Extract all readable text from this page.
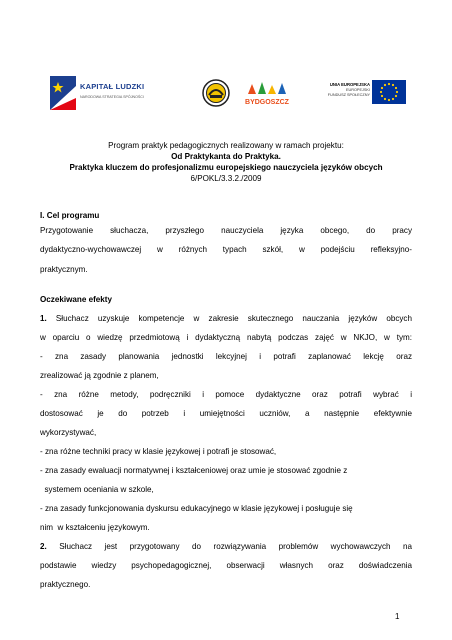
KAPITAŁ LUDZKI
NARODOWA STRATEGIA SPÓJNOŚCI
BYDGOSZCZ
UNIA EUROPEJSKA
EUROPEJSKI
FUNDUSZ SPOŁECZNY
Program praktyk pedagogicznych realizowany w ramach projektu:
Od Praktykanta do Praktyka.
Praktyka kluczem do profesjonalizmu europejskiego nauczyciela języków obcych
6/POKL/3.3.2./2009
I. Cel programu
Przygotowanie słuchacza, przyszłego nauczyciela języka obcego, do pracy
dydaktyczno-wychowawczej w różnych typach szkół, w podejściu refleksyjno-
praktycznym.
Oczekiwane efekty
1. Słuchacz uzyskuje kompetencje w zakresie skutecznego nauczania języków obcych
w oparciu o wiedzę przedmiotową i dydaktyczną nabytą podczas zajęć w NKJO, w tym:
- zna zasady planowania jednostki lekcyjnej i potrafi zaplanować lekcję oraz
zrealizować ją zgodnie z planem,
- zna różne metody, podręczniki i pomoce dydaktyczne oraz potrafi wybrać i
dostosować je do potrzeb i umiejętności uczniów, a następnie efektywnie
wykorzystywać,
- zna różne techniki pracy w klasie językowej i potrafi je stosować,
- zna zasady ewaluacji normatywnej i kształceniowej oraz umie je stosować zgodnie z
systemem oceniania w szkole,
- zna zasady funkcjonowania dyskursu edukacyjnego w klasie językowej i posługuje się
nim  w kształceniu językowym.
2. Słuchacz jest przygotowany do rozwiązywania problemów wychowawczych na
podstawie wiedzy psychopedagogicznej, obserwacji własnych oraz doświadczenia
praktycznego.
1
